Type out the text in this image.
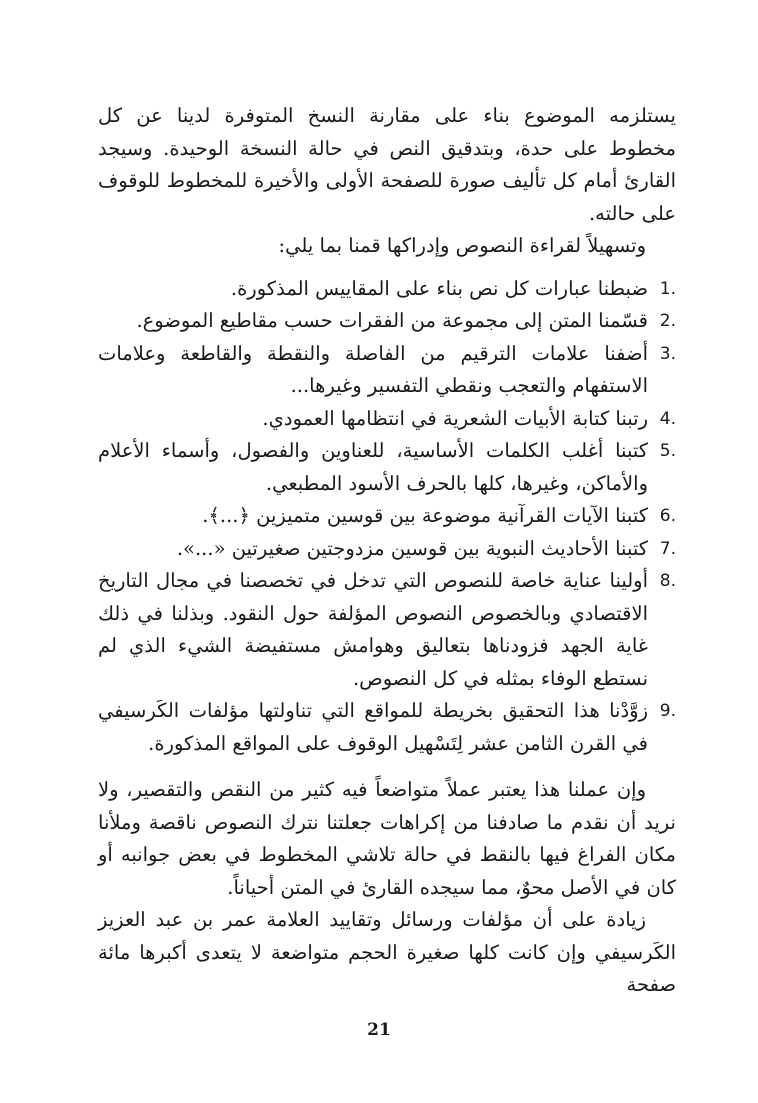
يستلزمه الموضوع بناء على مقارنة النسخ المتوفرة لدينا عن كل مخطوط على حدة، وبتدقيق النص في حالة النسخة الوحيدة. وسيجد القارئ أمام كل تأليف صورة للصفحة الأولى والأخيرة للمخطوط للوقوف على حالته.

وتسهيلاً لقراءة النصوص وإدراكها قمنا بما يلي:

.1
ضبطنا عبارات كل نص بناء على المقاييس المذكورة.
.2
قسّمنا المتن إلى مجموعة من الفقرات حسب مقاطيع الموضوع.
.3
أضفنا علامات الترقيم من الفاصلة والنقطة والقاطعة وعلامات الاستفهام والتعجب ونقطي التفسير وغيرها...
.4
رتبنا كتابة الأبيات الشعرية في انتظامها العمودي.
.5
كتبنا أغلب الكلمات الأساسية، للعناوين والفصول، وأسماء الأعلام والأماكن، وغيرها، كلها بالحرف الأسود المطبعي.
.6
كتبنا الآيات القرآنية موضوعة بين قوسين متميزين ﴿...﴾.
.7
كتبنا الأحاديث النبوية بين قوسين مزدوجتين صغيرتين «...».
.8
أولينا عناية خاصة للنصوص التي تدخل في تخصصنا في مجال التاريخ الاقتصادي وبالخصوص النصوص المؤلفة حول النقود. وبذلنا في ذلك غاية الجهد فزودناها بتعاليق وهوامش مستفيضة الشيء الذي لم نستطع الوفاء بمثله في كل النصوص.
.9
زوَّدْنا هذا التحقيق بخريطة للمواقع التي تناولتها مؤلفات الكَرسيفي في القرن الثامن عشر لِتَسْهيل الوقوف على المواقع المذكورة.

وإن عملنا هذا يعتبر عملاً متواضعاً فيه كثير من النقص والتقصير، ولا نريد أن نقدم ما صادفنا من إكراهات جعلتنا نترك النصوص ناقصة وملأنا مكان الفراغ فيها بالنقط في حالة تلاشي المخطوط في بعض جوانبه أو كان في الأصل محوٌ، مما سيجده القارئ في المتن أحياناً.

زيادة على أن مؤلفات ورسائل وتقاييد العلامة عمر بن عبد العزيز الكَرسيفي وإن كانت كلها صغيرة الحجم متواضعة لا يتعدى أكبرها مائة صفحة

21
